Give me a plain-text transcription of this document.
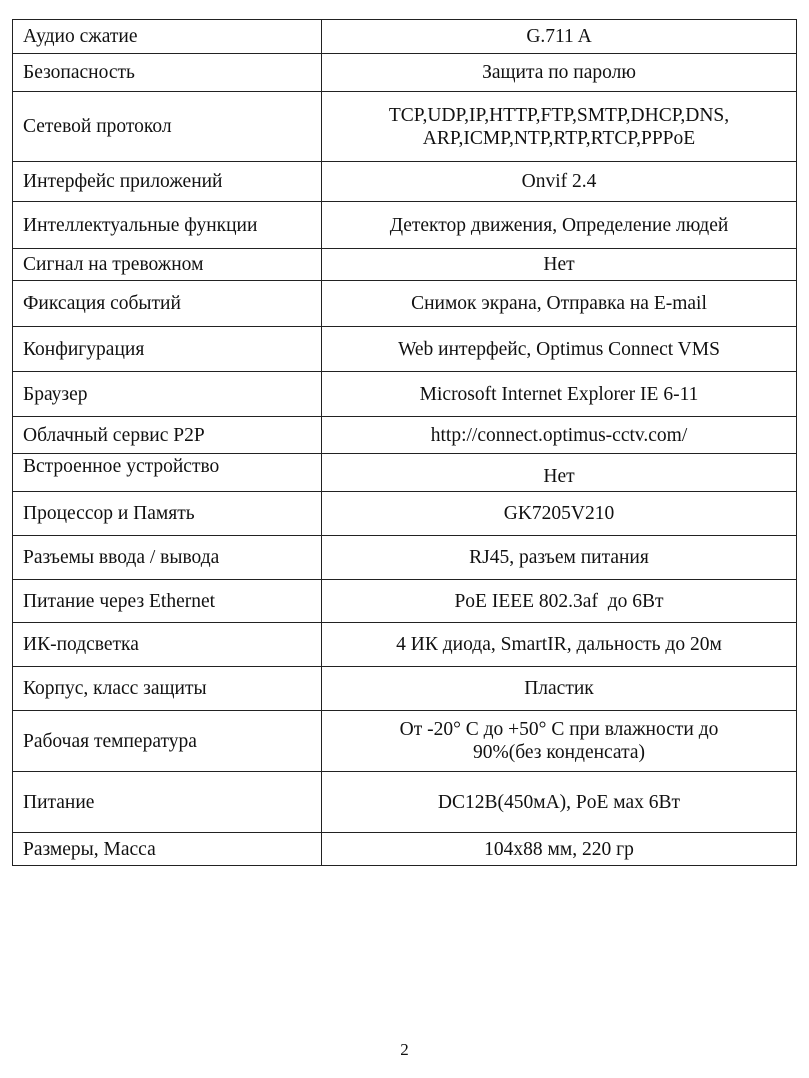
Аудио сжатие	G.711 A
Безопасность	Защита по паролю
Сетевой протокол	TCP,UDP,IP,HTTP,FTP,SMTP,DHCP,DNS,
ARP,ICMP,NTP,RTP,RTCP,PPPoE
Интерфейс приложений	Onvif 2.4
Интеллектуальные функции	Детектор движения, Определение людей
Сигнал на тревожном	Нет
Фиксация событий	Снимок экрана, Отправка на E-mail
Конфигурация	Web интерфейс, Optimus Connect VMS
Браузер	Microsoft Internet Explorer IE 6-11
Облачный сервис P2P	http://connect.optimus-cctv.com/
Встроенное устройство	Нет
Процессор и Память	GK7205V210
Разъемы ввода / вывода	RJ45, разъем питания
Питание через Ethernet	PoE IEEE 802.3af  до 6Вт
ИК-подсветка	4 ИК диода, SmartIR, дальность до 20м
Корпус, класс защиты	Пластик
Рабочая температура	От -20° С до +50° С при влажности до
90%(без конденсата)
Питание	DC12В(450мА), PoE мах 6Вт
Размеры, Масса	104x88 мм, 220 гр
2
